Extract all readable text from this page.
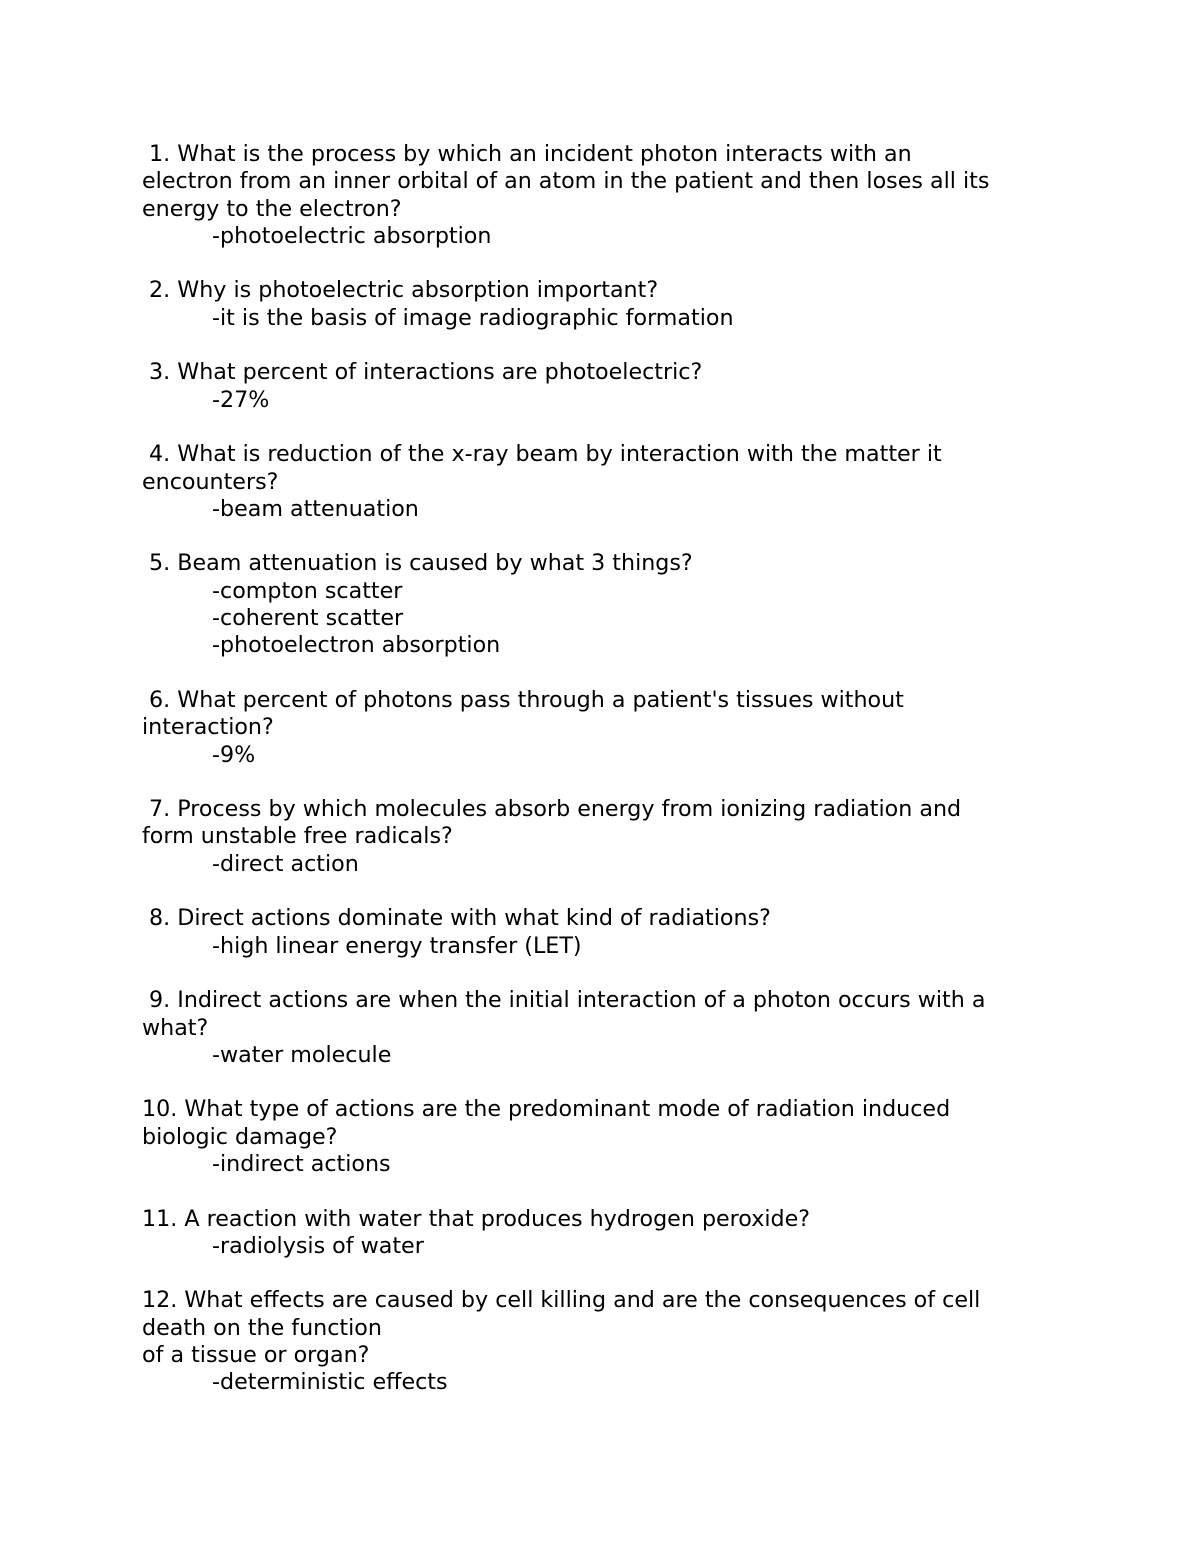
1. What is the process by which an incident photon interacts with an
electron from an inner orbital of an atom in the patient and then loses all its
energy to the electron?
-photoelectric absorption
2. Why is photoelectric absorption important?
-it is the basis of image radiographic formation
3. What percent of interactions are photoelectric?
-27%
4. What is reduction of the x-ray beam by interaction with the matter it
encounters?
-beam attenuation
5. Beam attenuation is caused by what 3 things?
-compton scatter
-coherent scatter
-photoelectron absorption
6. What percent of photons pass through a patient's tissues without
interaction?
-9%
7. Process by which molecules absorb energy from ionizing radiation and
form unstable free radicals?
-direct action
8. Direct actions dominate with what kind of radiations?
-high linear energy transfer (LET)
9. Indirect actions are when the initial interaction of a photon occurs with a
what?
-water molecule
10. What type of actions are the predominant mode of radiation induced
biologic damage?
-indirect actions
11. A reaction with water that produces hydrogen peroxide?
-radiolysis of water
12. What effects are caused by cell killing and are the consequences of cell
death on the function
of a tissue or organ?
-deterministic effects
